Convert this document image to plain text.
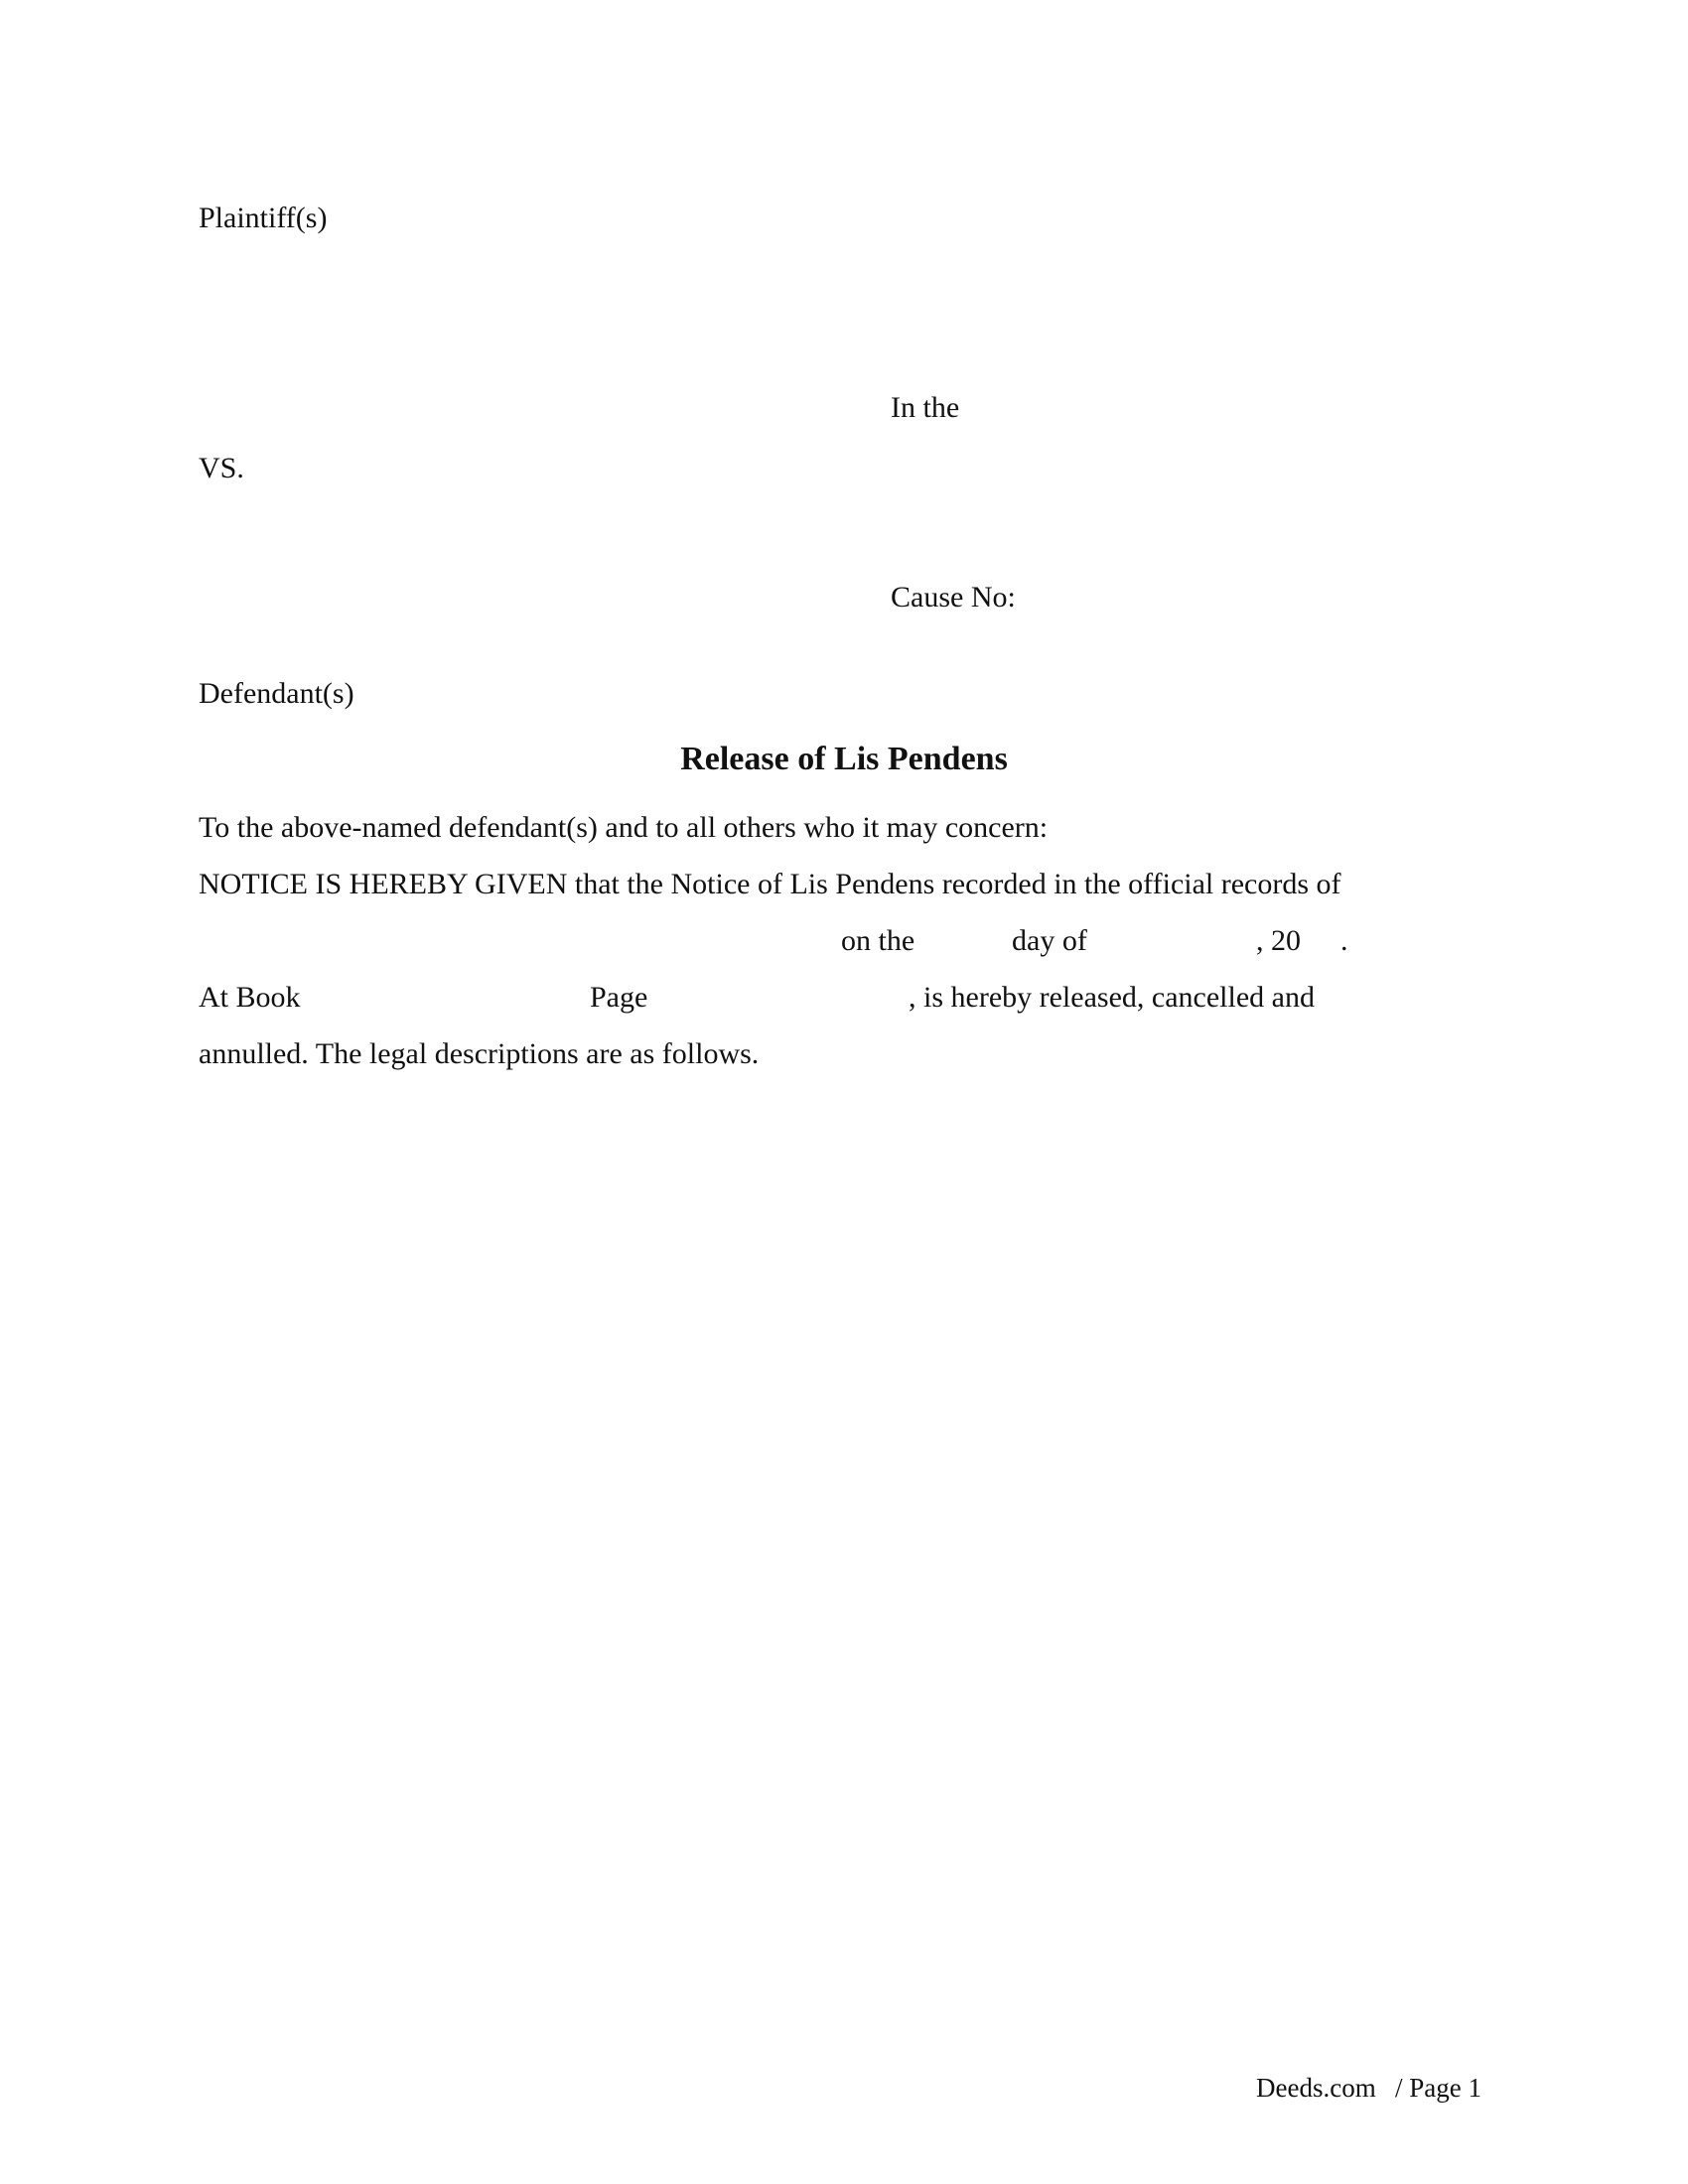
Plaintiff(s)
In the
VS.
Cause No:
Defendant(s)
Release of Lis Pendens
To the above-named defendant(s) and to all others who it may concern:
NOTICE IS HEREBY GIVEN that the Notice of Lis Pendens recorded in the official records of
on the	day of	, 20 .
At Book	Page	, is hereby released, cancelled and
annulled. The legal descriptions are as follows.
Deeds.com / Page 1
